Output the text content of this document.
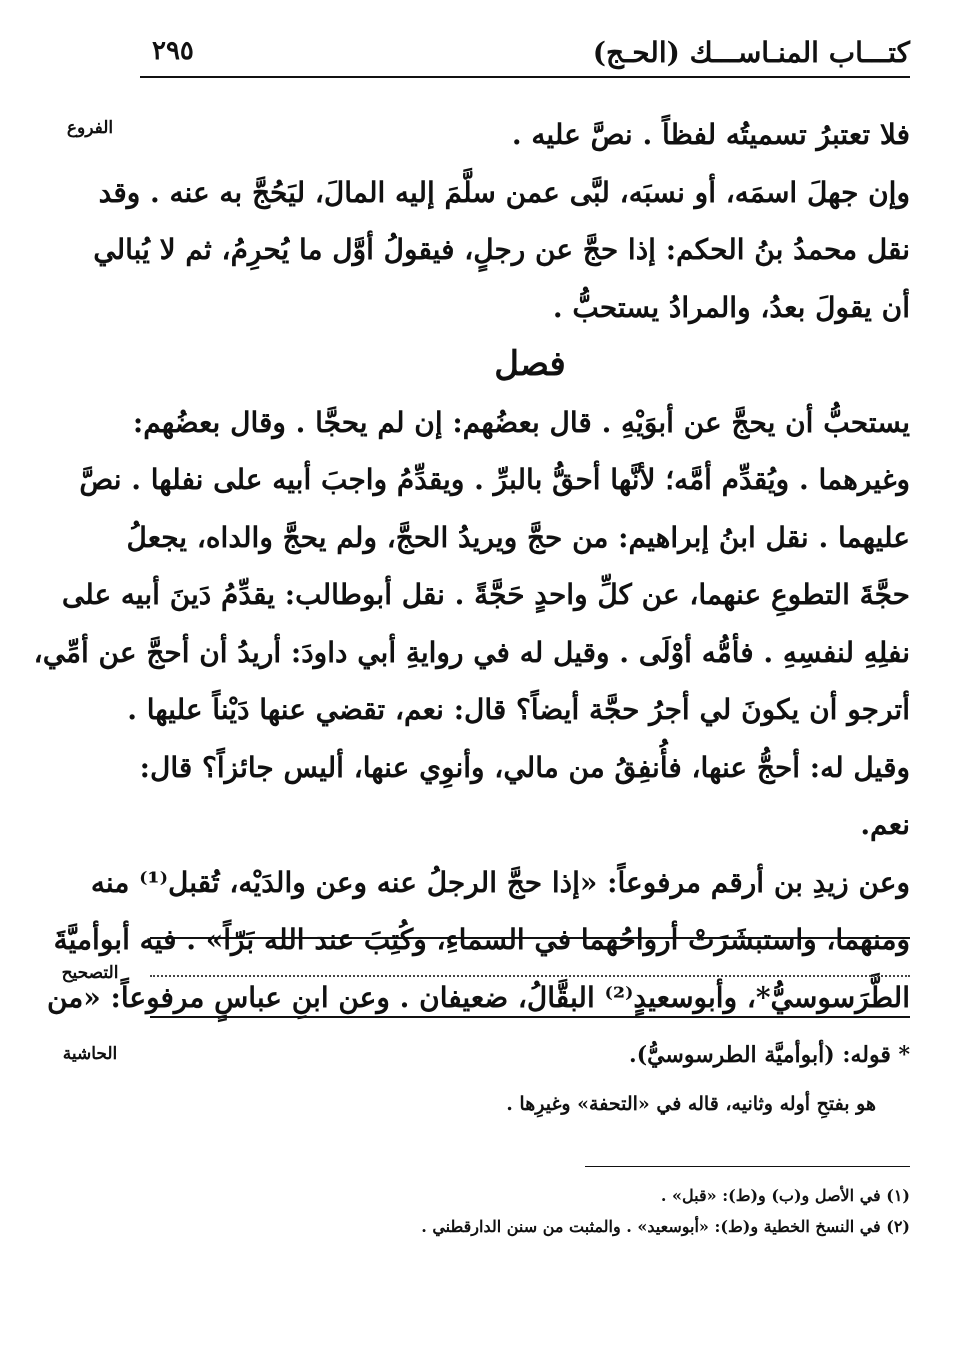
كتـــاب المنـاســـك (الحـج)
٢٩٥
الفروع
التصحيح
الحاشية
فلا تعتبرُ تسميتُه لفظاً . نصَّ عليه .
وإن جهلَ اسمَه، أو نسبَه، لبَّى عمن سلَّمَ إليه المالَ، ليَحُجَّ به عنه . وقد
نقل محمدُ بنُ الحكم: إذا حجَّ عن رجلٍ، فيقولُ أوَّل ما يُحرِمُ، ثم لا يُبالي
أن يقولَ بعدُ، والمرادُ يستحبُّ .
فصل
يستحبُّ أن يحجَّ عن أبوَيْهِ . قال بعضُهم: إن لم يحجَّا . وقال بعضُهم:
وغيرهما . ويُقدِّم أمَّه؛ لأنَّها أحقُّ بالبرِّ . ويقدِّمُ واجبَ أبيه على نفلها . نصَّ
عليهما . نقل ابنُ إبراهيم: من حجَّ ويريدُ الحجَّ، ولم يحجَّ والداه، يجعلُ
حجَّةَ التطوعِ عنهما، عن كلِّ واحدٍ حَجَّةً . نقل أبوطالب: يقدِّمُ دَينَ أبيه على
نفلِهِ لنفسِهِ . فأمُّه أوْلَى . وقيل له في روايةِ أبي داودَ: أريدُ أن أحجَّ عن أمِّي،
أترجو أن يكونَ لي أجرُ حجَّة أيضاً؟ قال: نعم، تقضي عنها دَيْناً عليها .
وقيل له: أحجُّ عنها، فأُنفِقُ من مالي، وأنوِي عنها، أليس جائزاً؟ قال:
نعم.
وعن زيدِ بن أرقم مرفوعاً: «إذا حجَّ الرجلُ عنه وعن والدَيْه، تُقبل⁽¹⁾ منه
ومنهما، واستبشَرَتْ أرواحُهما في السماءِ، وكُتِبَ عند الله بَرّاً» . فيه أبوأميَّةَ
الطَّرَسوسيُّ*، وأبوسعيدٍ⁽²⁾ البقَّالُ، ضعيفان . وعن ابنِ عباسٍ مرفوعاً: «من
* قوله: (أبوأميَّة الطرسوسيُّ).
هو بفتحِ أوله وثانيه، قاله في «التحفة» وغيرِها .
(١) في الأصل و(ب) و(ط): «قبل» .
(٢) في النسخ الخطية و(ط): «أبوسعيد» . والمثبت من سنن الدارقطني .
